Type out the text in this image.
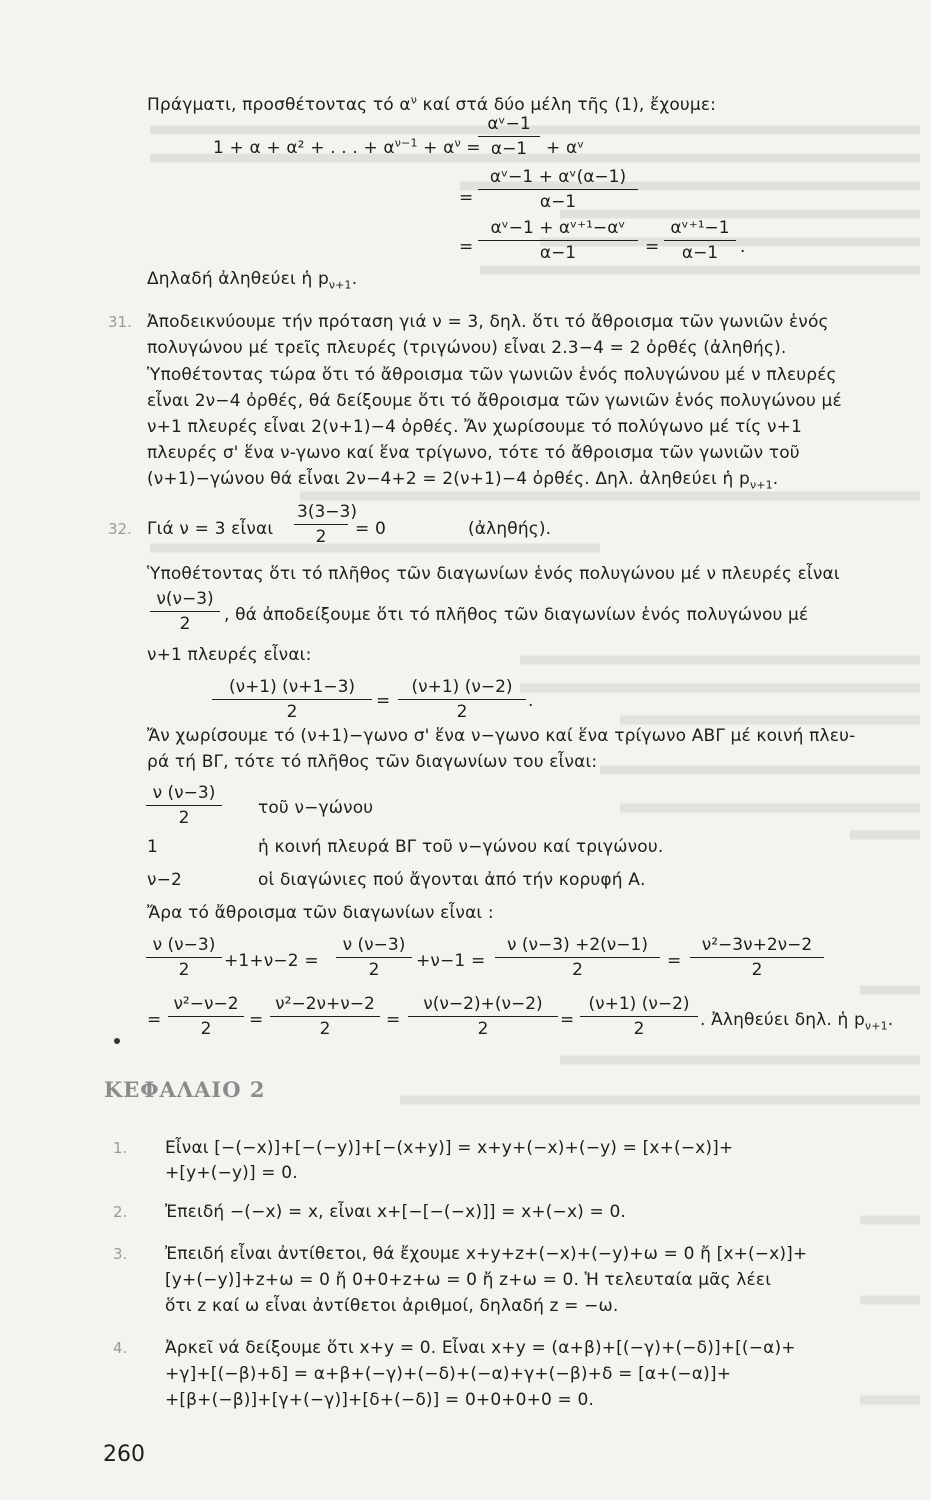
Πράγματι, προσθέτοντας τό $\alpha^\nu$ καί στά δύο μέλη τῆς (1), ἔχουμε:
1 + α + α² + . . . + $\alpha^{\nu-1} + \alpha^\nu$ =
$\frac{\text{αᵛ−1}}{\alpha-1}$ + αᵛ
= $\frac{\text{αᵛ−1 + αᵛ(α−1)}}{\alpha-1}$
= $\frac{\text{αᵛ−1 + αᵛ⁺¹−αᵛ}}{\alpha-1} = \frac{\text{αᵛ⁺¹−1}}{\alpha-1}$ .
Δηλαδή ἀληθεύει ἡ $p_{\nu+1}$.
31. Ἀποδεικνύουμε τήν πρόταση γιά ν = 3, δηλ. ὅτι τό ἄθροισμα τῶν γωνιῶν ἑνός
πολυγώνου μέ τρεῖς πλευρές (τριγώνου) εἶναι 2.3−4 = 2 ὀρθές (ἀληθής).
Ὑποθέτοντας τώρα ὅτι τό ἄθροισμα τῶν γωνιῶν ἑνός πολυγώνου μέ ν πλευρές
εἶναι 2ν−4 ὀρθές, θά δείξουμε ὅτι τό ἄθροισμα τῶν γωνιῶν ἑνός πολυγώνου μέ
ν+1 πλευρές εἶναι 2(ν+1)−4 ὀρθές. Ἄν χωρίσουμε τό πολύγωνο μέ τίς ν+1
πλευρές σ' ἕνα ν-γωνο καί ἕνα τρίγωνο, τότε τό ἄθροισμα τῶν γωνιῶν τοῦ
(ν+1)−γώνου θά εἶναι 2ν−4+2 = 2(ν+1)−4 ὀρθές. Δηλ. ἀληθεύει ἡ $p_{\nu+1}$.
32. Γιά ν = 3 εἶναι $\frac{3(3-3)}{2} = 0$	(ἀληθής).
Ὑποθέτοντας ὅτι τό πλῆθος τῶν διαγωνίων ἑνός πολυγώνου μέ ν πλευρές εἶναι
$\frac{\nu(\nu-3)}{2}$ , θά ἀποδείξουμε ὅτι τό πλῆθος τῶν διαγωνίων ἑνός πολυγώνου μέ
ν+1 πλευρές εἶναι:
$\frac{(\nu+1) (\nu+1-3)}{2} = \frac{(\nu+1) (\nu-2)}{2}$ .
Ἄν χωρίσουμε τό (ν+1)−γωνο σ' ἕνα ν−γωνο καί ἕνα τρίγωνο ΑΒΓ μέ κοινή πλευ-
ρά τή ΒΓ, τότε τό πλῆθος τῶν διαγωνίων του εἶναι:
$\frac{\nu (\nu-3)}{2}$ τοῦ ν−γώνου
1	ἡ κοινή πλευρά ΒΓ τοῦ ν−γώνου καί τριγώνου.
ν−2	οἱ διαγώνιες πού ἄγονται ἀπό τήν κορυφή Α.
Ἄρα τό ἄθροισμα τῶν διαγωνίων εἶναι :
$\frac{\nu (\nu-3)}{2} +1+\nu-2 = \frac{\nu (\nu-3)}{2} +\nu-1 = \frac{\nu (\nu-3) +2(\nu-1)}{2} = \frac{\text{ν²−3ν+2ν−2}}{2}$
= $\frac{\text{ν²−ν−2}}{2} = \frac{\text{ν²−2ν+ν−2}}{2} = \frac{\nu(\nu-2)+(\nu-2)}{2} = \frac{(\nu+1) (\nu-2)}{2}$ . Ἀληθεύει δηλ. ἡ $p_{\nu+1}$.
ΚΕΦΑΛΑΙΟ 2
1. Εἶναι [−(−x)]+[−(−y)]+[−(x+y)] = x+y+(−x)+(−y) = [x+(−x)]+
+[y+(−y)] = 0.
2. Ἐπειδή −(−x) = x, εἶναι x+[−[−(−x)]] = x+(−x) = 0.
3. Ἐπειδή εἶναι ἀντίθετοι, θά ἔχουμε x+y+z+(−x)+(−y)+ω = 0 ἤ [x+(−x)]+
[y+(−y)]+z+ω = 0 ἤ 0+0+z+ω = 0 ἤ z+ω = 0. Ἡ τελευταία μᾶς λέει
ὅτι z καί ω εἶναι ἀντίθετοι ἀριθμοί, δηλαδή z = −ω.
4. Ἀρκεῖ νά δείξουμε ὅτι x+y = 0. Εἶναι x+y = (α+β)+[(−γ)+(−δ)]+[(−α)+
+γ]+[(−β)+δ] = α+β+(−γ)+(−δ)+(−α)+γ+(−β)+δ = [α+(−α)]+
+[β+(−β)]+[γ+(−γ)]+[δ+(−δ)] = 0+0+0+0 = 0.
260
